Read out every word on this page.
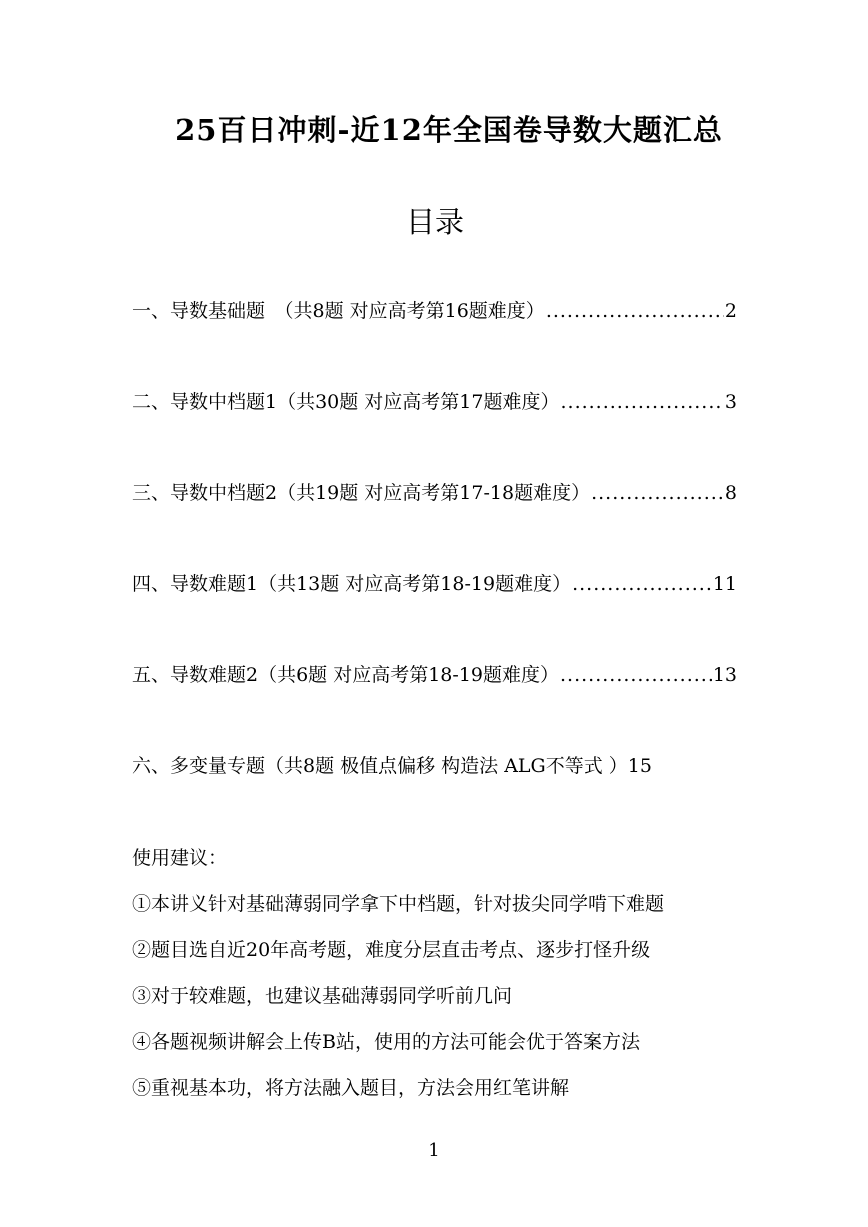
25百日冲刺-近12年全国卷导数大题汇总
目录
一、导数基础题　（共8题 对应高考第16题难度） .....	2
二、导数中档题1（共30题 对应高考第17题难度） .....	3
三、导数中档题2（共19题 对应高考第17-18题难度） .....	8
四、导数难题1（共13题 对应高考第18-19题难度） .....	11
五、导数难题2（共6题 对应高考第18-19题难度） .....	13
六、多变量专题（共8题 极值点偏移 构造法 ALG不等式 ） 15
使用建议：
①本讲义针对基础薄弱同学拿下中档题，针对拔尖同学啃下难题
②题目选自近20年高考题，难度分层直击考点、逐步打怪升级
③对于较难题，也建议基础薄弱同学听前几问
④各题视频讲解会上传B站，使用的方法可能会优于答案方法
⑤重视基本功，将方法融入题目，方法会用红笔讲解
1
